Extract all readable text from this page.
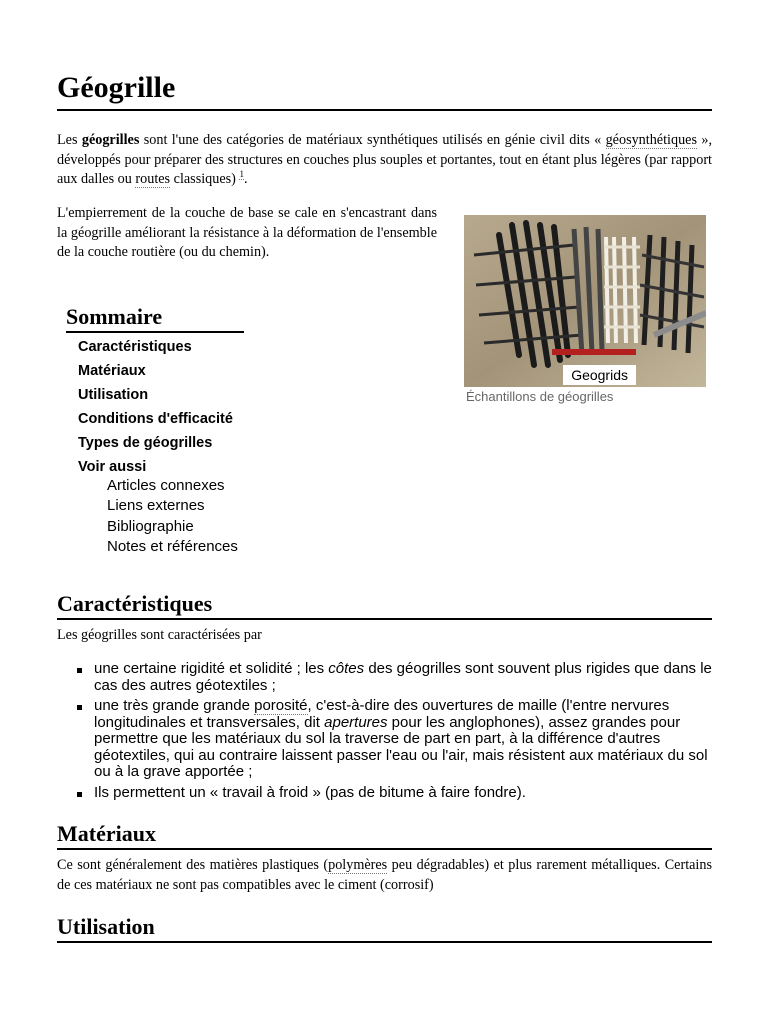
Géogrille

Les géogrilles sont l'une des catégories de matériaux synthétiques utilisés en génie civil dits « géosynthétiques », développés pour préparer des structures en couches plus souples et portantes, tout en étant plus légères (par rapport aux dalles ou routes classiques) $^1$.

L'empierrement de la couche de base se cale en s'encastrant dans la géogrille améliorant la résistance à la déformation de l'ensemble de la couche routière (ou du chemin).

Geogrids
Échantillons de géogrilles
Sommaire
Caractéristiques
Matériaux
Utilisation
Conditions d'efficacité
Types de géogrilles
Voir aussi
Articles connexes
Liens externes
Bibliographie
Notes et références
Caractéristiques

Les géogrilles sont caractérisées par

une certaine rigidité et solidité ; les côtes des géogrilles sont souvent plus rigides que dans le cas des autres géotextiles ;
une très grande grande porosité, c'est-à-dire des ouvertures de maille (l'entre nervures longitudinales et transversales, dit apertures pour les anglophones), assez grandes pour permettre que les matériaux du sol la traverse de part en part, à la différence d'autres géotextiles, qui au contraire laissent passer l'eau ou l'air, mais résistent aux matériaux du sol ou à la grave apportée ;
Ils permettent un « travail à froid » (pas de bitume à faire fondre).
Matériaux

Ce sont généralement des matières plastiques (polymères peu dégradables) et plus rarement métalliques. Certains de ces matériaux ne sont pas compatibles avec le ciment (corrosif)

Utilisation
